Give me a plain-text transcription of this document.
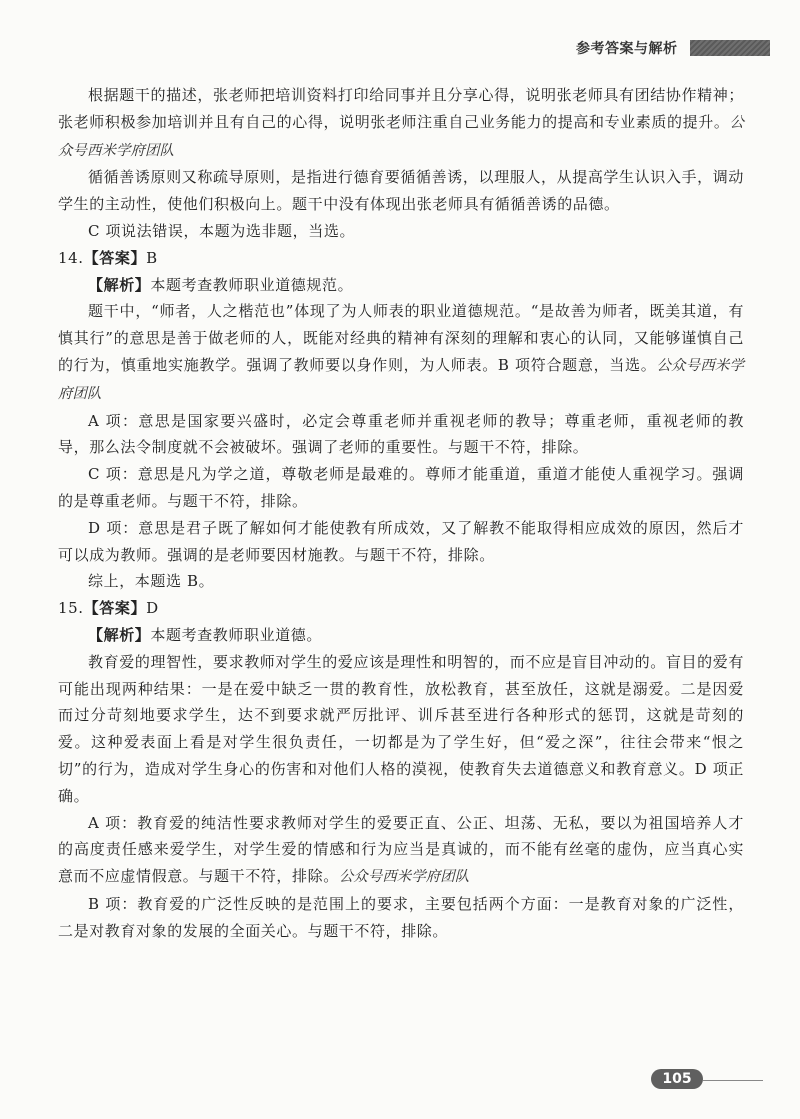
参考答案与解析

根据题干的描述，张老师把培训资料打印给同事并且分享心得，说明张老师具有团结协作精神；张老师积极参加培训并且有自己的心得，说明张老师注重自己业务能力的提高和专业素质的提升。公众号西米学府团队

循循善诱原则又称疏导原则，是指进行德育要循循善诱，以理服人，从提高学生认识入手，调动学生的主动性，使他们积极向上。题干中没有体现出张老师具有循循善诱的品德。

C 项说法错误，本题为选非题，当选。

14.【答案】B

【解析】本题考查教师职业道德规范。

题干中，“师者，人之楷范也”体现了为人师表的职业道德规范。“是故善为师者，既美其道，有慎其行”的意思是善于做老师的人，既能对经典的精神有深刻的理解和衷心的认同，又能够谨慎自己的行为，慎重地实施教学。强调了教师要以身作则，为人师表。B 项符合题意，当选。公众号西米学府团队

A 项：意思是国家要兴盛时，必定会尊重老师并重视老师的教导；尊重老师，重视老师的教导，那么法令制度就不会被破坏。强调了老师的重要性。与题干不符，排除。

C 项：意思是凡为学之道，尊敬老师是最难的。尊师才能重道，重道才能使人重视学习。强调的是尊重老师。与题干不符，排除。

D 项：意思是君子既了解如何才能使教有所成效，又了解教不能取得相应成效的原因，然后才可以成为教师。强调的是老师要因材施教。与题干不符，排除。

综上，本题选 B。

15.【答案】D

【解析】本题考查教师职业道德。

教育爱的理智性，要求教师对学生的爱应该是理性和明智的，而不应是盲目冲动的。盲目的爱有可能出现两种结果：一是在爱中缺乏一贯的教育性，放松教育，甚至放任，这就是溺爱。二是因爱而过分苛刻地要求学生，达不到要求就严厉批评、训斥甚至进行各种形式的惩罚，这就是苛刻的爱。这种爱表面上看是对学生很负责任，一切都是为了学生好，但“爱之深”，往往会带来“恨之切”的行为，造成对学生身心的伤害和对他们人格的漠视，使教育失去道德意义和教育意义。D 项正确。

A 项：教育爱的纯洁性要求教师对学生的爱要正直、公正、坦荡、无私，要以为祖国培养人才的高度责任感来爱学生，对学生爱的情感和行为应当是真诚的，而不能有丝毫的虚伪，应当真心实意而不应虚情假意。与题干不符，排除。公众号西米学府团队

B 项：教育爱的广泛性反映的是范围上的要求，主要包括两个方面：一是教育对象的广泛性，二是对教育对象的发展的全面关心。与题干不符，排除。

105
